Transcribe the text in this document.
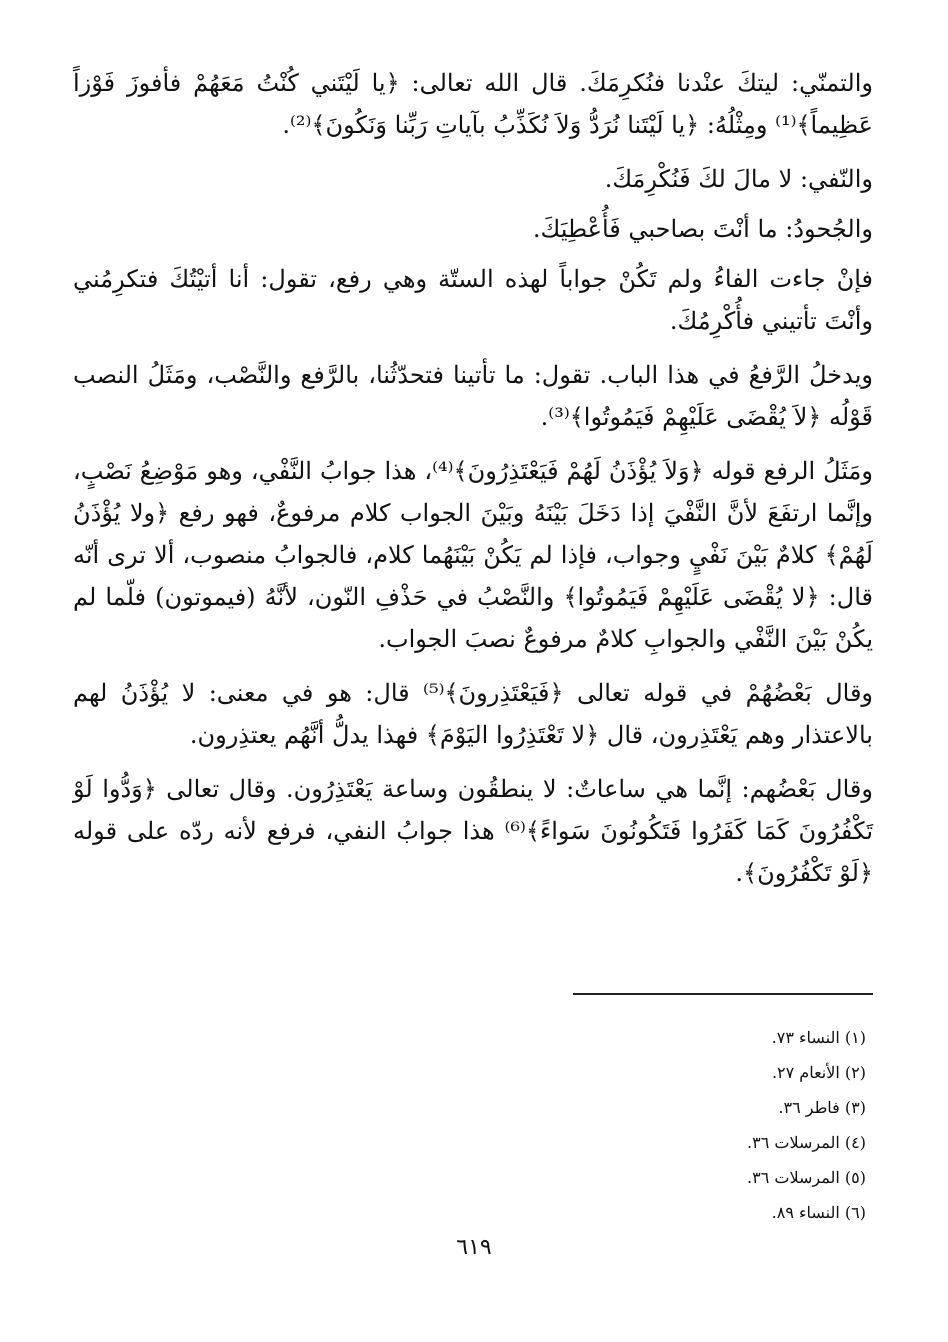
والتمنّي: ليتكَ عنْدنا فنُكرِمَكَ. قال الله تعالى: ﴿يا لَيْتَني كُنْتُ مَعَهُمْ فأفوزَ فَوْزاً عَظِيماً﴾⁽¹⁾ ومِثْلُهُ: ﴿يا لَيْتَنا نُرَدُّ وَلاَ نُكَذِّبُ بآياتِ رَبِّنا وَنَكُونَ﴾⁽²⁾.

والنّفي: لا مالَ لكَ فَنُكْرِمَكَ.

والجُحودُ: ما أنْتَ بصاحبي فَأُعْطِيَكَ.

فإنْ جاءت الفاءُ ولم تَكُنْ جواباً لهذه الستّة وهي رفع، تقول: أنا أتيْتُكَ فتكرِمُني وأنْتَ تأتيني فأُكْرِمُكَ.

ويدخلُ الرَّفعُ في هذا الباب. تقول: ما تأتينا فتحدّثُنا، بالرَّفع والنَّصْب، ومَثَلُ النصب قَوْلُه ﴿لاَ يُقْضَى عَلَيْهِمْ فَيَمُوتُوا﴾⁽³⁾.

ومَثَلُ الرفع قوله ﴿وَلاَ يُؤْذَنُ لَهُمْ فَيَعْتَذِرُونَ﴾⁽⁴⁾، هذا جوابُ النَّفْي، وهو مَوْضِعُ نَصْبٍ، وإنَّما ارتفَعَ لأنَّ النَّفْيَ إذا دَخَلَ بَيْنَهُ وبَيْنَ الجواب كلام مرفوعٌ، فهو رفع ﴿ولا يُؤْذَنُ لَهُمْ﴾ كلامٌ بَيْنَ نَفْيٍ وجواب، فإذا لم يَكُنْ بَيْنَهُما كلام، فالجوابُ منصوب، ألا ترى أنّه قال: ﴿لا يُقْضَى عَلَيْهِمْ فَيَمُوتُوا﴾ والنَّصْبُ في حَذْفِ النّون، لأنَّهُ (فيموتون) فلّما لم يكُنْ بَيْنَ النَّفْي والجوابِ كلامٌ مرفوعٌ نصبَ الجواب.

وقال بَعْضُهُمْ في قوله تعالى ﴿فَيَعْتَذِرونَ﴾⁽⁵⁾ قال: هو في معنى: لا يُؤْذَنُ لهم بالاعتذار وهم يَعْتَذِرون، قال ﴿لا تَعْتَذِرُوا اليَوْمَ﴾ فهذا يدلُّ أنَّهُم يعتذِرون.

وقال بَعْضُهم: إنَّما هي ساعاتٌ: لا ينطقُون وساعة يَعْتَذِرُون. وقال تعالى ﴿وَدُّوا لَوْ تَكْفُرُونَ كَمَا كَفَرُوا فَتَكُونُونَ سَواءً﴾⁽⁶⁾ هذا جوابُ النفي، فرفع لأنه ردّه على قوله ﴿لَوْ تَكْفُرُونَ﴾.

(١) النساء ٧٣.
(٢) الأنعام ٢٧.
(٣) فاطر ٣٦.
(٤) المرسلات ٣٦.
(٥) المرسلات ٣٦.
(٦) النساء ٨٩.
٦١٩
